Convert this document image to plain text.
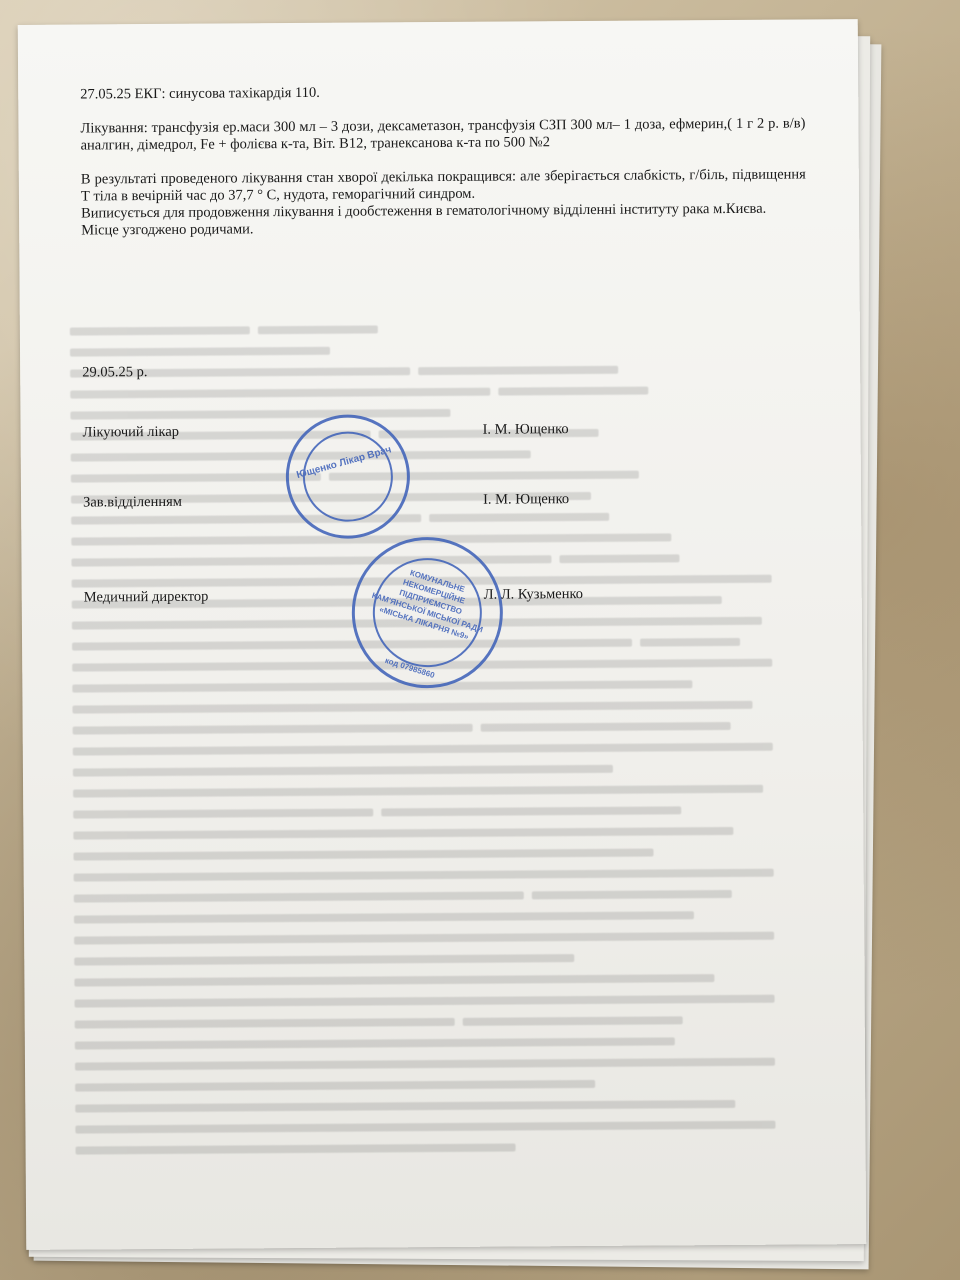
27.05.25 ЕКГ: синусова тахікардія 110.
Лікування: трансфузія ер.маси 300 мл – 3 дози, дексаметазон, трансфузія СЗП 300 мл– 1 доза, ефмерин,( 1 г 2 р. в/в) аналгин, дімедрол, Fe + фолієва к-та, Віт. В12, транексанова к-та по 500 №2
В результаті проведеного лікування стан хворої декілька покращився: але зберігається слабкість, г/біль, підвищення Т тіла в вечірній час до 37,7 ° С, нудота, геморагічний синдром.
Виписується для продовження лікування і дообстеження в гематологічному відділенні інституту рака м.Києва.
Місце узгоджено родичами.
29.05.25 р.
Лікуючий лікар	І. М. Ющенко
Зав.відділенням	І. М. Ющенко
Медичний директор	Л. Л. Кузьменко
Ющенко Лікар Врач
КОМУНАЛЬНЕ НЕКОМЕРЦІЙНЕ ПІДПРИЄМСТВО КАМ'ЯНСЬКОЇ МІСЬКОЇ РАДИ «МІСЬКА ЛІКАРНЯ №9»
код 07985860
